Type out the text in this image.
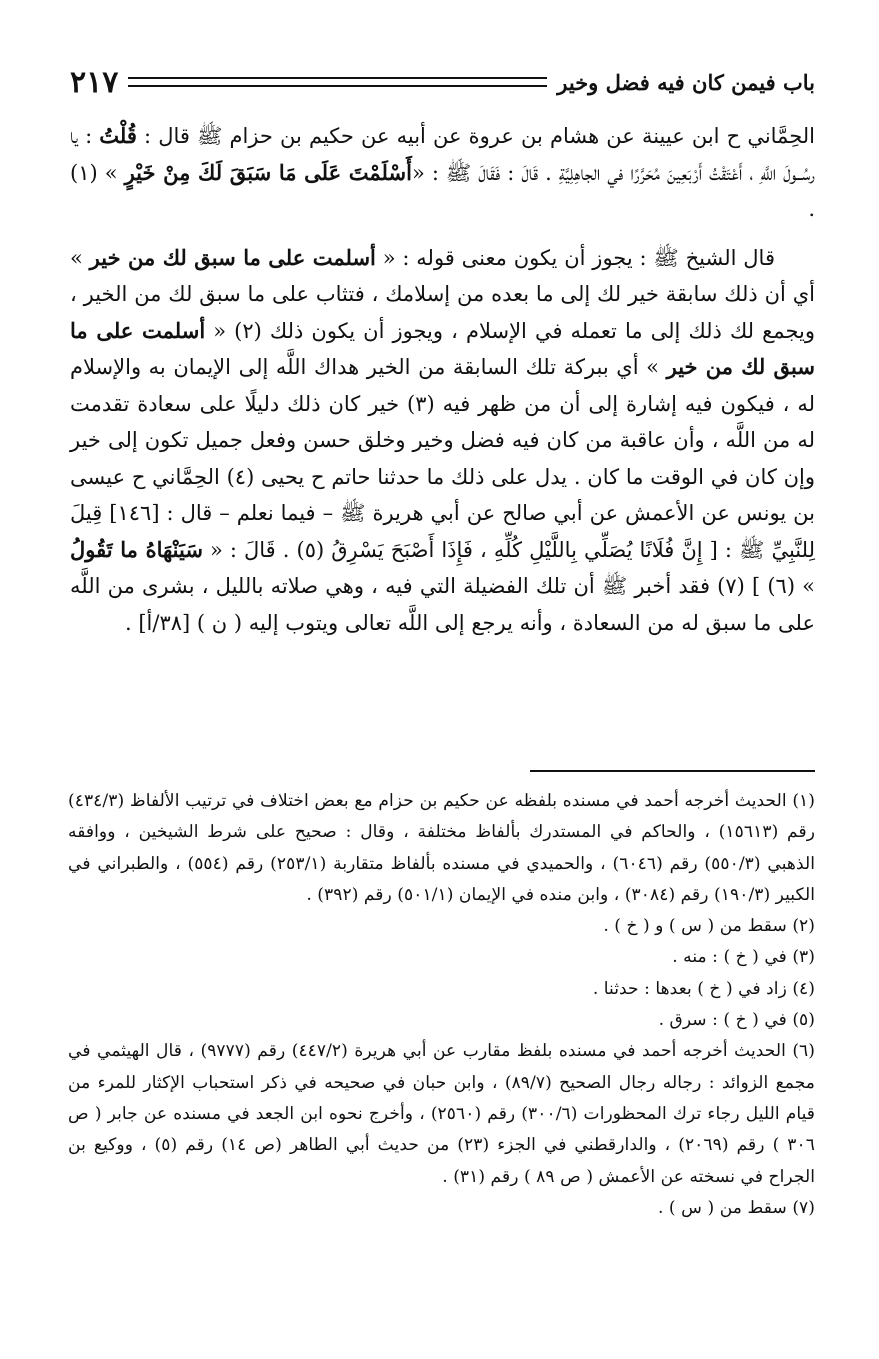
باب فيمن كان فيه فضل وخير
٢١٧

الحِمَّاني ح ابن عيينة عن هشام بن عروة عن أبيه عن حكيم بن حزام ﷺ قال : قُلْتُ : يا رسُــولَ اللَّهِ ، أَعْتَقْتُ أَرْبَعِينَ مُحَرَّرًا في الجاهِلِيَّةِ . قَالَ : فَقَالَ ﷺ : «أَسْلَمْتَ عَلَى مَا سَبَقَ لَكَ مِنْ خَيْرٍ » (١) .

قال الشيخ ﷺ : يجوز أن يكون معنى قوله : « أسلمت على ما سبق لك من خير » أي أن ذلك سابقة خير لك إلى ما بعده من إسلامك ، فتثاب على ما سبق لك من الخير ، ويجمع لك ذلك إلى ما تعمله في الإسلام ، ويجوز أن يكون ذلك (٢) « أسلمت على ما سبق لك من خير » أي ببركة تلك السابقة من الخير هداك اللَّه إلى الإيمان به والإسلام له ، فيكون فيه إشارة إلى أن من ظهر فيه (٣) خير كان ذلك دليلًا على سعادة تقدمت له من اللَّه ، وأن عاقبة من كان فيه فضل وخير وخلق حسن وفعل جميل تكون إلى خير وإن كان في الوقت ما كان . يدل على ذلك ما حدثنا حاتم ح يحيى (٤) الحِمَّاني ح عيسى بن يونس عن الأعمش عن أبي صالح عن أبي هريرة ﷺ – فيما نعلم – قال : [١٤٦] قِيلَ لِلنَّبِيِّ ﷺ : [ إِنَّ فُلَانًا يُصَلِّي بِاللَّيْلِ كُلِّهِ ، فَإِذَا أَصْبَحَ يَسْرِقُ (٥) . قَالَ : « سَيَنْهَاهُ ما تَقُولُ » (٦) ] (٧) فقد أخبر ﷺ أن تلك الفضيلة التي فيه ، وهي صلاته بالليل ، بشرى من اللَّه على ما سبق له من السعادة ، وأنه يرجع إلى اللَّه تعالى ويتوب إليه ( ن ) [٣٨/أ] .

(١) الحديث أخرجه أحمد في مسنده بلفظه عن حكيم بن حزام مع بعض اختلاف في ترتيب الألفاظ (٤٣٤/٣) رقم (١٥٦١٣) ، والحاكم في المستدرك بألفاظ مختلفة ، وقال : صحيح على شرط الشيخين ، ووافقه الذهبي (٥٥٠/٣) رقم (٦٠٤٦) ، والحميدي في مسنده بألفاظ متقاربة (٢٥٣/١) رقم (٥٥٤) ، والطبراني في الكبير (١٩٠/٣) رقم (٣٠٨٤) ، وابن منده في الإيمان (٥٠١/١) رقم (٣٩٢) .
(٢) سقط من ( س ) و ( خ ) .
(٣) في ( خ ) : منه .
(٤) زاد في ( خ ) بعدها : حدثنا .
(٥) في ( خ ) : سرق .
(٦) الحديث أخرجه أحمد في مسنده بلفظ مقارب عن أبي هريرة (٤٤٧/٢) رقم (٩٧٧٧) ، قال الهيثمي في مجمع الزوائد : رجاله رجال الصحيح (٨٩/٧) ، وابن حبان في صحيحه في ذكر استحباب الإكثار للمرء من قيام الليل رجاء ترك المحظورات (٣٠٠/٦) رقم (٢٥٦٠) ، وأخرج نحوه ابن الجعد في مسنده عن جابر ( ص ٣٠٦ ) رقم (٢٠٦٩) ، والدارقطني في الجزء (٢٣) من حديث أبي الطاهر (ص ١٤) رقم (٥) ، ووكيع بن الجراح في نسخته عن الأعمش ( ص ٨٩ ) رقم (٣١) .
(٧) سقط من ( س ) .
